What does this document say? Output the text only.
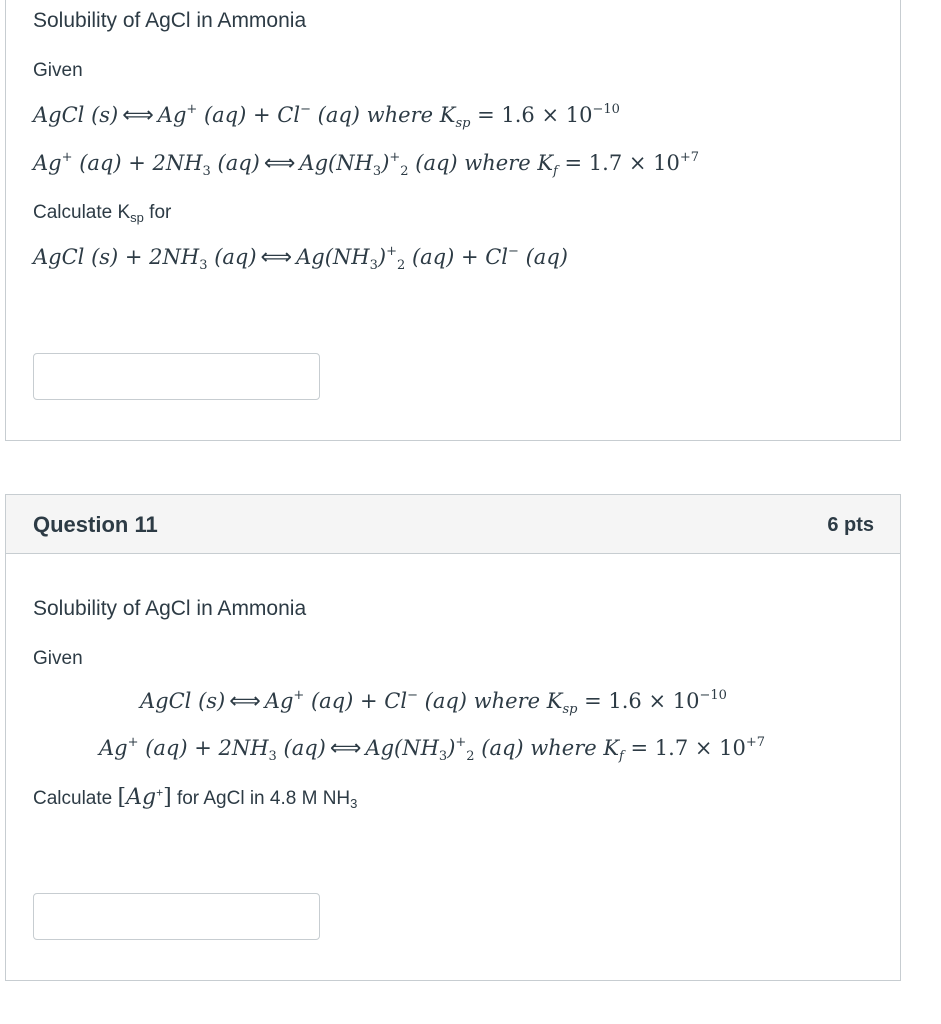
Solubility of AgCl in Ammonia
Given
AgCl (s) ⟺ Ag+ (aq) + Cl− (aq) where $K_{sp} = 1.6 \times 10^{-10}$
Ag+ $(aq) + 2NH_3$ (aq) ⟺ $Ag(NH_3)^+_2$ (aq) where $K_f = 1.7 \times 10^{+7}$
Calculate $K_{sp}$ for
AgCl $(s) + 2NH_3$ (aq) ⟺ $Ag(NH_3)^+_2$ (aq) + Cl− (aq)
Question 11	6 pts
Solubility of AgCl in Ammonia
Given
AgCl (s) ⟺ Ag+ (aq) + Cl− (aq) where $K_{sp} = 1.6 \times 10^{-10}$
Ag+ $(aq) + 2NH_3$ (aq) ⟺ $Ag(NH_3)^+_2$ (aq) where $K_f = 1.7 \times 10^{+7}$
Calculate [Ag+] for AgCl in 4.8 M $NH_3$
